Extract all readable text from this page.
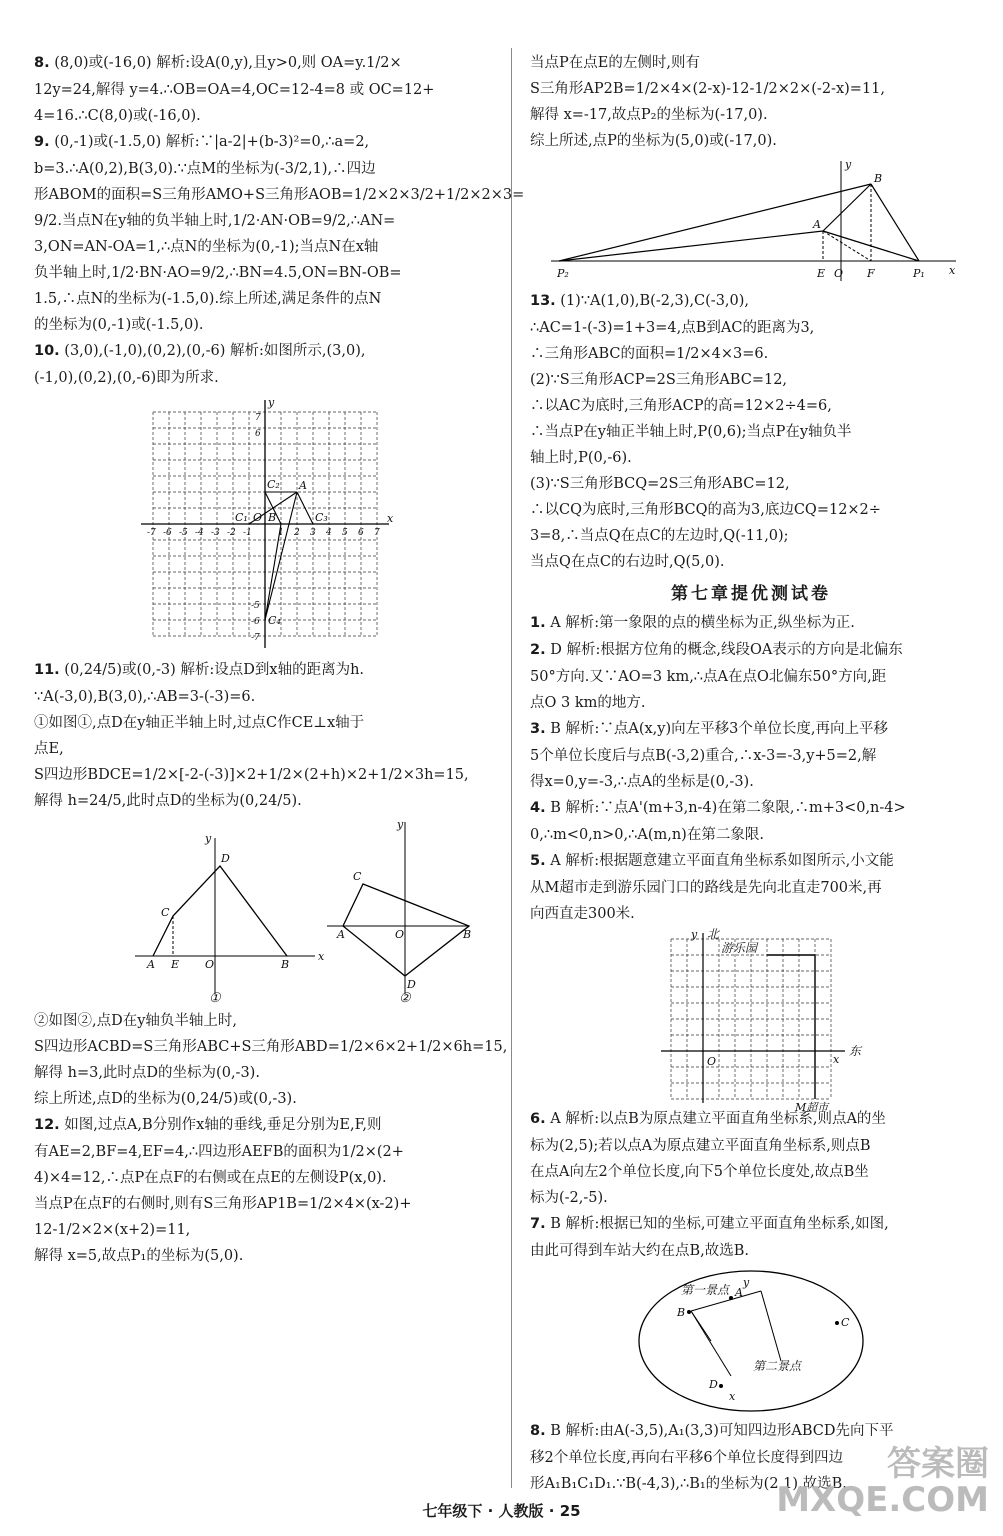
8. (8,0)或(-16,0) 解析:设A(0,y),且y>0,则 OA=y.1/2×
12y=24,解得 y=4.∴OB=OA=4,OC=12-4=8 或 OC=12+
4=16.∴C(8,0)或(-16,0).
9. (0,-1)或(-1.5,0) 解析:∵|a-2|+(b-3)²=0,∴a=2,
b=3.∴A(0,2),B(3,0).∵点M的坐标为(-3/2,1),∴四边
形ABOM的面积=S三角形AMO+S三角形AOB=1/2×2×3/2+1/2×2×3=
9/2.当点N在y轴的负半轴上时,1/2·AN·OB=9/2,∴AN=
3,ON=AN-OA=1,∴点N的坐标为(0,-1);当点N在x轴
负半轴上时,1/2·BN·AO=9/2,∴BN=4.5,ON=BN-OB=
1.5,∴点N的坐标为(-1.5,0).综上所述,满足条件的点N
的坐标为(0,-1)或(-1.5,0).
10. (3,0),(-1,0),(0,2),(0,-6) 解析:如图所示,(3,0),
(-1,0),(0,2),(0,-6)即为所求.
-7 -6 -5 -4 -3 -2 -1	1 2 3 4 5 6 7
x
y
7
6
-5
-6
-7
O
A
B
C₁
C₂
C₃
C₄
11. (0,24/5)或(0,-3) 解析:设点D到x轴的距离为h.
∵A(-3,0),B(3,0),∴AB=3-(-3)=6.
①如图①,点D在y轴正半轴上时,过点C作CE⊥x轴于
点E,
S四边形BDCE=1/2×[-2-(-3)]×2+1/2×(2+h)×2+1/2×3h=15,
解得 h=24/5,此时点D的坐标为(0,24/5).
A E O	B
C
D
x
y
①
A	O	B
C
D
y
②
②如图②,点D在y轴负半轴上时,
S四边形ACBD=S三角形ABC+S三角形ABD=1/2×6×2+1/2×6h=15,
解得 h=3,此时点D的坐标为(0,-3).
综上所述,点D的坐标为(0,24/5)或(0,-3).
12. 如图,过点A,B分别作x轴的垂线,垂足分别为E,F,则
有AE=2,BF=4,EF=4,∴四边形AEFB的面积为1/2×(2+
4)×4=12,∴点P在点F的右侧或在点E的左侧设P(x,0).
当点P在点F的右侧时,则有S三角形AP1B=1/2×4×(x-2)+
12-1/2×2×(x+2)=11,
解得 x=5,故点P₁的坐标为(5,0).
当点P在点E的左侧时,则有
S三角形AP2B=1/2×4×(2-x)-12-1/2×2×(-2-x)=11,
解得 x=-17,故点P₂的坐标为(-17,0).
综上所述,点P的坐标为(5,0)或(-17,0).
P₂	E O F	P₁
A
B
x
y
13. (1)∵A(1,0),B(-2,3),C(-3,0),
∴AC=1-(-3)=1+3=4,点B到AC的距离为3,
∴三角形ABC的面积=1/2×4×3=6.
(2)∵S三角形ACP=2S三角形ABC=12,
∴以AC为底时,三角形ACP的高=12×2÷4=6,
∴当点P在y轴正半轴上时,P(0,6);当点P在y轴负半
轴上时,P(0,-6).
(3)∵S三角形BCQ=2S三角形ABC=12,
∴以CQ为底时,三角形BCQ的高为3,底边CQ=12×2÷
3=8,∴当点Q在点C的左边时,Q(-11,0);
当点Q在点C的右边时,Q(5,0).
第七章提优测试卷
1. A 解析:第一象限的点的横坐标为正,纵坐标为正.
2. D 解析:根据方位角的概念,线段OA表示的方向是北偏东
50°方向.又∵AO=3 km,∴点A在点O北偏东50°方向,距
点O 3 km的地方.
3. B 解析:∵点A(x,y)向左平移3个单位长度,再向上平移
5个单位长度后与点B(-3,2)重合,∴x-3=-3,y+5=2,解
得x=0,y=-3,∴点A的坐标是(0,-3).
4. B 解析:∵点A'(m+3,n-4)在第二象限,∴m+3<0,n-4>
0,∴m<0,n>0,∴A(m,n)在第二象限.
5. A 解析:根据题意建立平面直角坐标系如图所示,小文能
从M超市走到游乐园门口的路线是先向北直走700米,再
向西直走300米.
北
东
游乐园
M超市
O
y
x
6. A 解析:以点B为原点建立平面直角坐标系,则点A的坐
标为(2,5);若以点A为原点建立平面直角坐标系,则点B
在点A向左2个单位长度,向下5个单位长度处,故点B坐
标为(-2,-5).
7. B 解析:根据已知的坐标,可建立平面直角坐标系,如图,
由此可得到车站大约在点B,故选B.
第一景点
第二景点
A
B
C
D
y
x
8. B 解析:由A(-3,5),A₁(3,3)可知四边形ABCD先向下平
移2个单位长度,再向右平移6个单位长度得到四边
形A₁B₁C₁D₁.∵B(-4,3),∴B₁的坐标为(2,1).故选B.
七年级下 · 人教版 · 25
答案圈
MXQE.COM
